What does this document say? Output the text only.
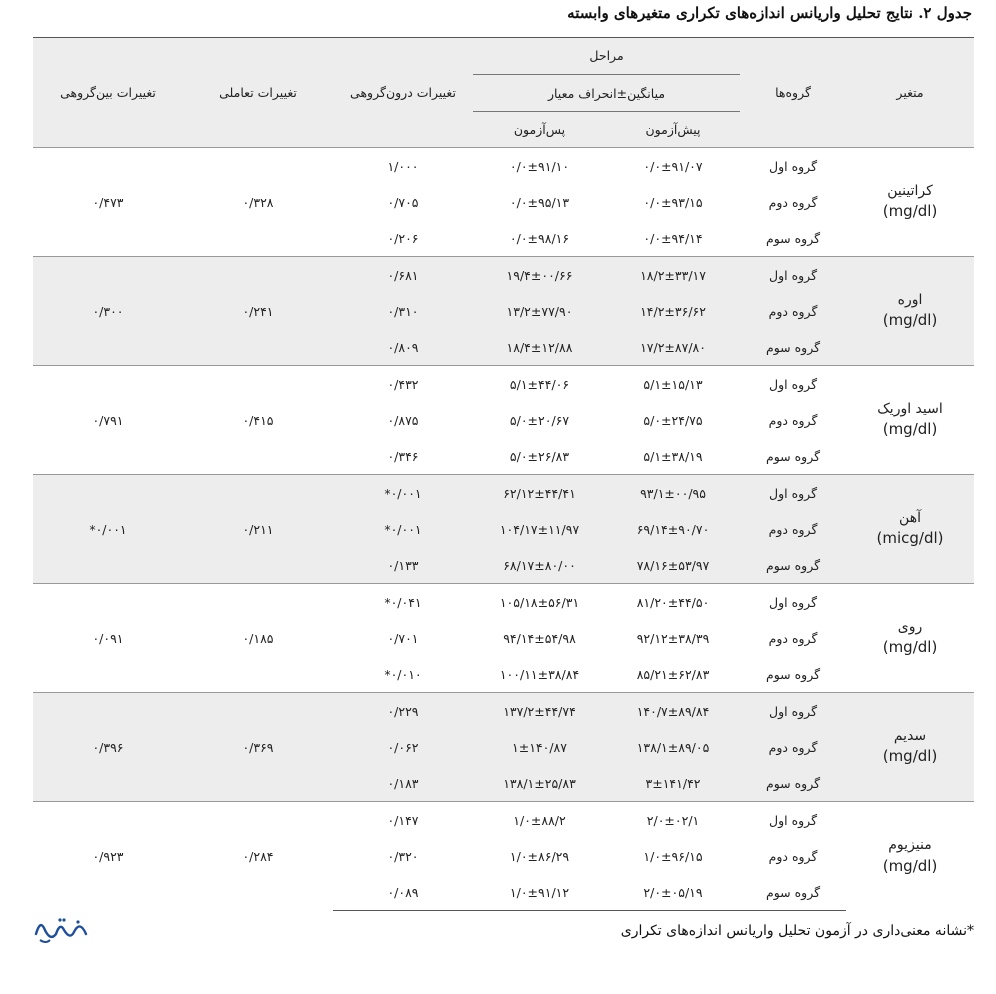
جدول ۲. نتایج تحلیل واریانس اندازه‌های تکراری متغیرهای وابسته
متغیر	گروه‌ها	مراحل		تغییرات درون‌گروهی	تغییرات تعاملی	تغییرات بین‌گروهی
		میانگین±انحراف معیار				
		پیش‌آزمون	پس‌آزمون			

کراتینین
(mg/dl)	گروه اول	۰/۰±۹۱/۰۷	۰/۰±۹۱/۱۰	۱/۰۰۰	۰/۳۲۸	۰/۴۷۳
	گروه دوم	۰/۰±۹۳/۱۵	۰/۰±۹۵/۱۳	۰/۷۰۵		
	گروه سوم	۰/۰±۹۴/۱۴	۰/۰±۹۸/۱۶	۰/۲۰۶		

اوره
(mg/dl)	گروه اول	۱۸/۲±۳۳/۱۷	۱۹/۴±۰۰/۶۶	۰/۶۸۱	۰/۲۴۱	۰/۳۰۰
	گروه دوم	۱۴/۲±۳۶/۶۲	۱۳/۲±۷۷/۹۰	۰/۳۱۰		
	گروه سوم	۱۷/۲±۸۷/۸۰	۱۸/۴±۱۲/۸۸	۰/۸۰۹		

اسید اوریک
(mg/dl)	گروه اول	۵/۱±۱۵/۱۳	۵/۱±۴۴/۰۶	۰/۴۳۲	۰/۴۱۵	۰/۷۹۱
	گروه دوم	۵/۰±۲۴/۷۵	۵/۰±۲۰/۶۷	۰/۸۷۵		
	گروه سوم	۵/۱±۳۸/۱۹	۵/۰±۲۶/۸۳	۰/۳۴۶		

آهن
(micg/dl)	گروه اول	۹۳/۱±۰۰/۹۵	۶۲/۱۲±۴۴/۴۱	۰/۰۰۱*	۰/۲۱۱	۰/۰۰۱*
	گروه دوم	۶۹/۱۴±۹۰/۷۰	۱۰۴/۱۷±۱۱/۹۷	۰/۰۰۱*		
	گروه سوم	۷۸/۱۶±۵۳/۹۷	۶۸/۱۷±۸۰/۰۰	۰/۱۳۳		

روی
(mg/dl)	گروه اول	۸۱/۲۰±۴۴/۵۰	۱۰۵/۱۸±۵۶/۳۱	۰/۰۴۱*	۰/۱۸۵	۰/۰۹۱
	گروه دوم	۹۲/۱۲±۳۸/۳۹	۹۴/۱۴±۵۴/۹۸	۰/۷۰۱		
	گروه سوم	۸۵/۲۱±۶۲/۸۳	۱۰۰/۱۱±۳۸/۸۴	۰/۰۱۰*		

سدیم
(mg/dl)	گروه اول	۱۴۰/۷±۸۹/۸۴	۱۳۷/۲±۴۴/۷۴	۰/۲۲۹	۰/۳۶۹	۰/۳۹۶
	گروه دوم	۱۳۸/۱±۸۹/۰۵	۱±۱۴۰/۸۷	۰/۰۶۲		
	گروه سوم	۳±۱۴۱/۴۲	۱۳۸/۱±۲۵/۸۳	۰/۱۸۳		

منیزیوم
(mg/dl)	گروه اول	۲/۰±۰۲/۱	۱/۰±۸۸/۲	۰/۱۴۷	۰/۲۸۴	۰/۹۲۳
	گروه دوم	۱/۰±۹۶/۱۵	۱/۰±۸۶/۲۹	۰/۳۲۰		
	گروه سوم	۲/۰±۰۵/۱۹	۱/۰±۹۱/۱۲	۰/۰۸۹		
*نشانه معنی‌داری در آزمون تحلیل واریانس اندازه‌های تکراری
